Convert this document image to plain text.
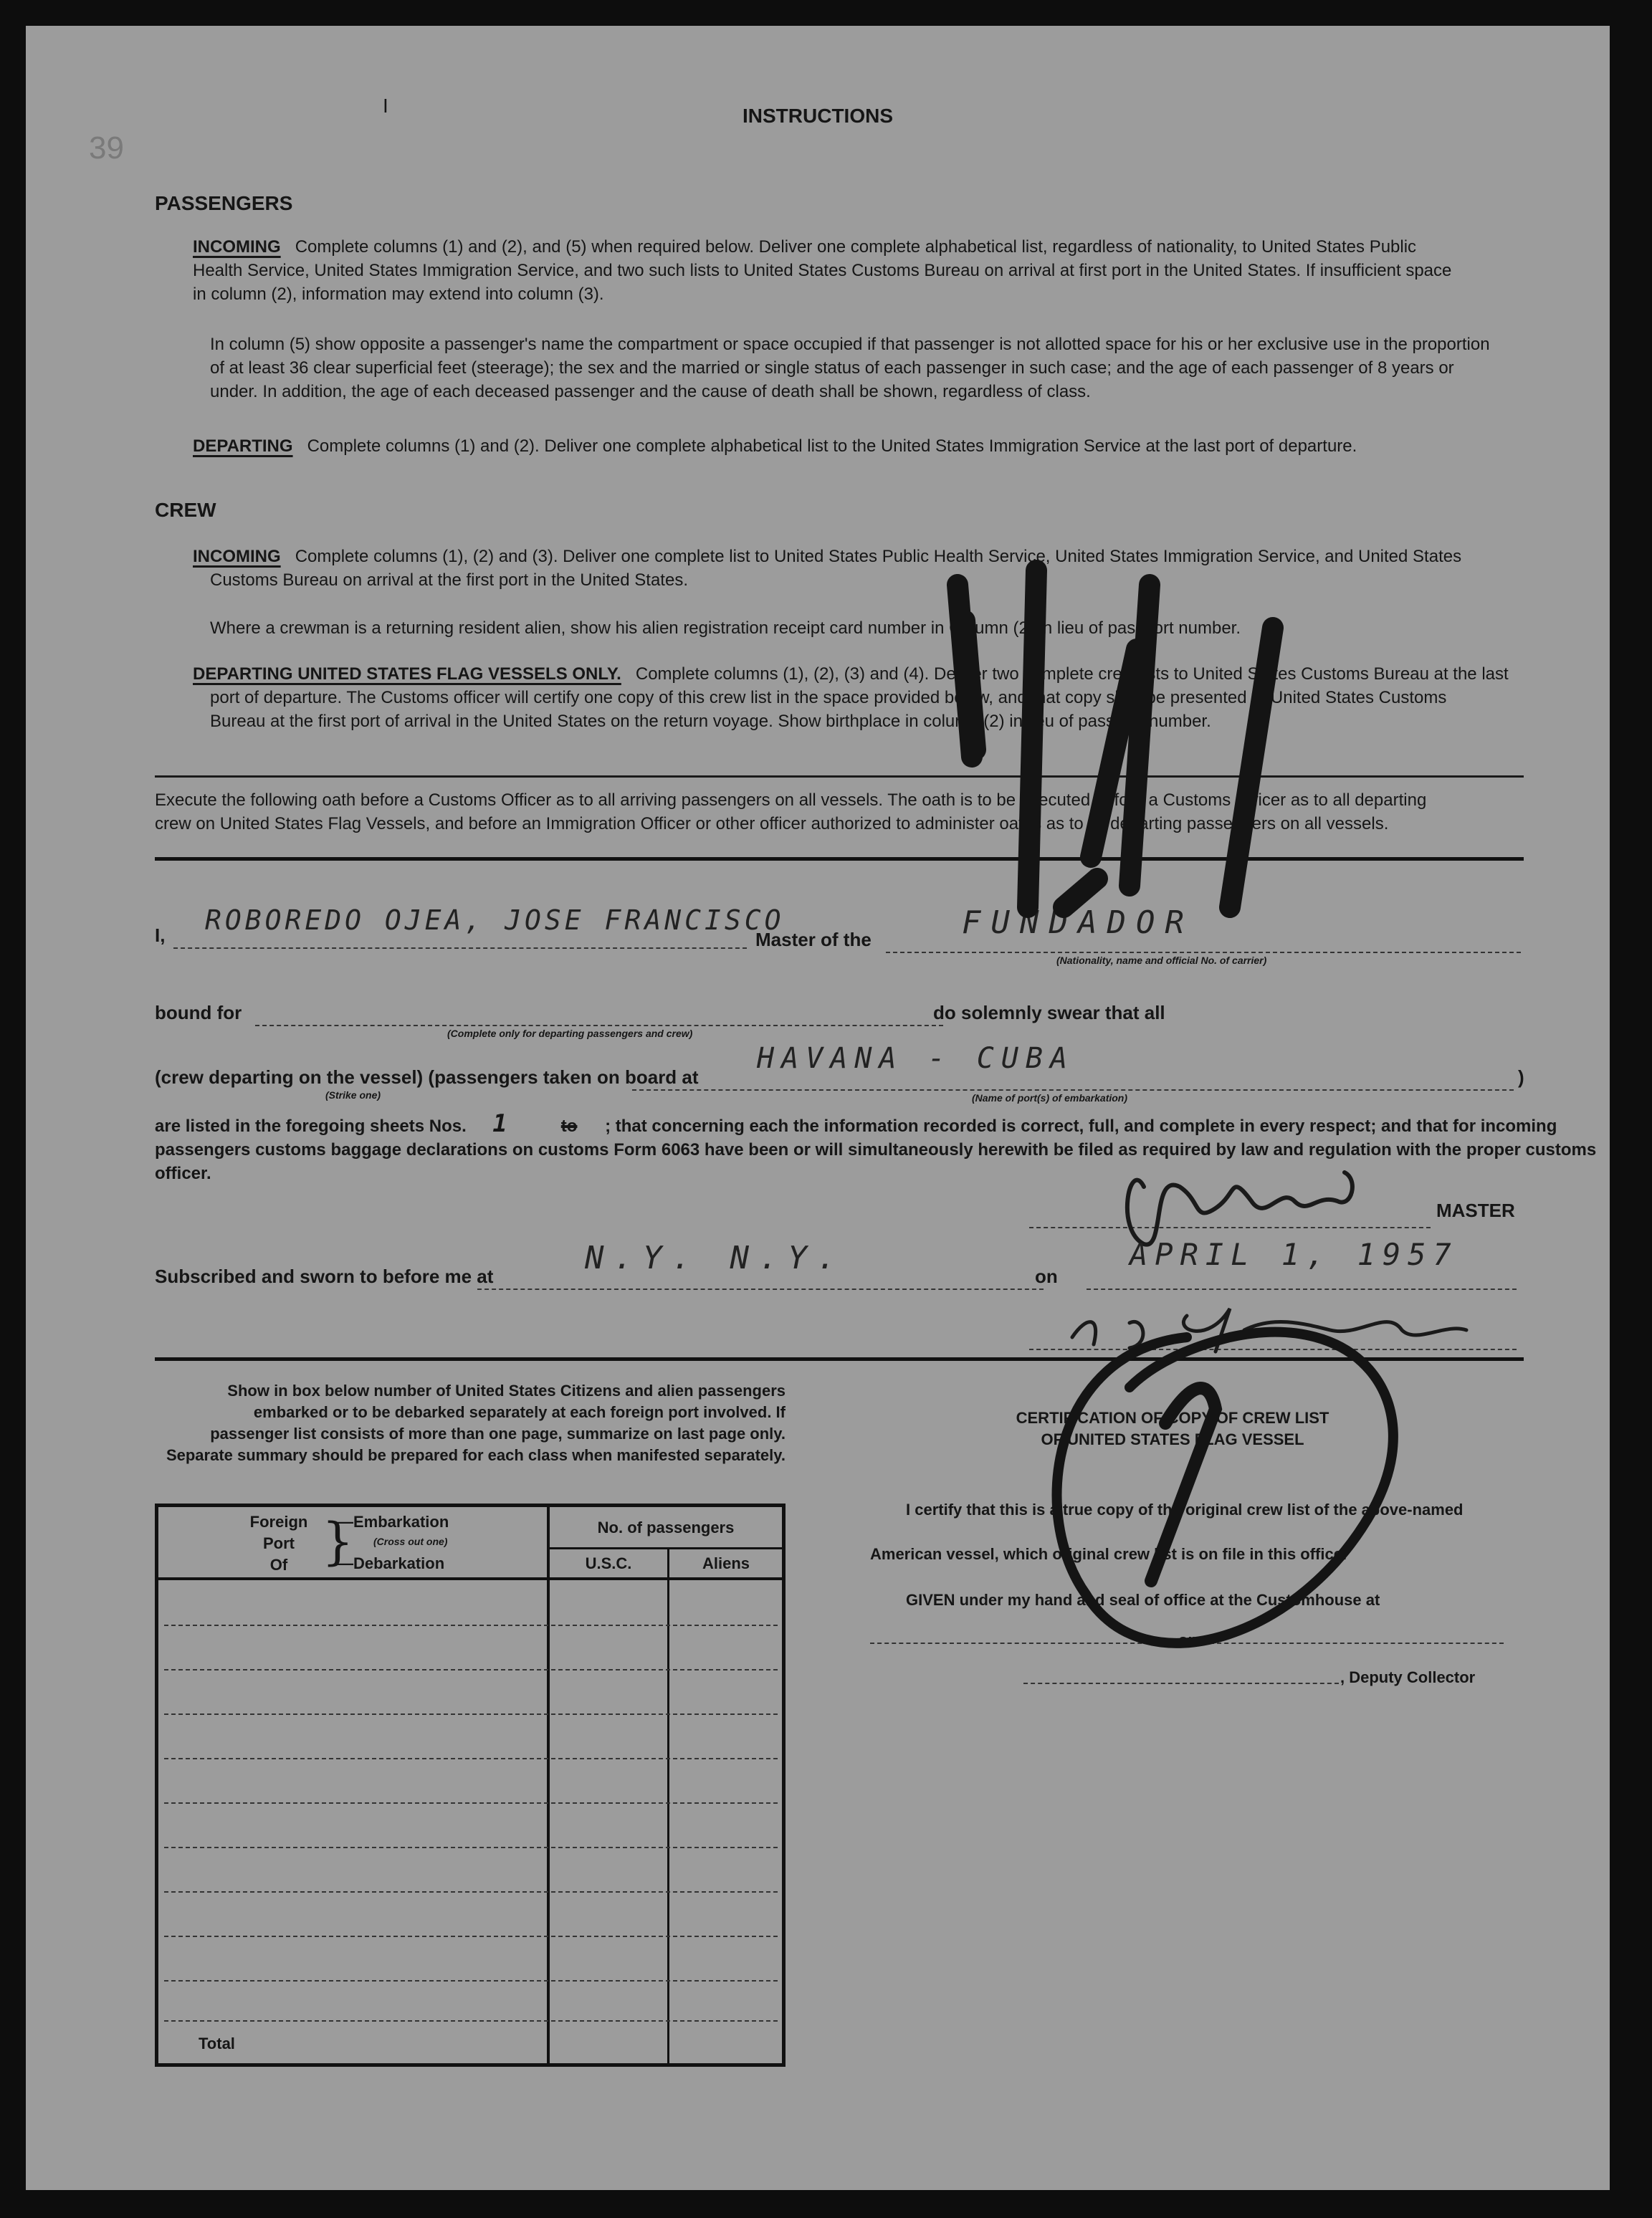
I
39
INSTRUCTIONS
PASSENGERS
INCOMING Complete columns (1) and (2), and (5) when required below. Deliver one complete alphabetical list, regardless of nationality, to United States Public
Health Service, United States Immigration Service, and two such lists to United States Customs Bureau on arrival at first port in the United States. If insufficient space
in column (2), information may extend into column (3).
In column (5) show opposite a passenger's name the compartment or space occupied if that passenger is not allotted space for his or her exclusive use in the proportion
of at least 36 clear superficial feet (steerage); the sex and the married or single status of each passenger in such case; and the age of each passenger of 8 years or
under. In addition, the age of each deceased passenger and the cause of death shall be shown, regardless of class.
DEPARTING Complete columns (1) and (2). Deliver one complete alphabetical list to the United States Immigration Service at the last port of departure.
CREW
INCOMING Complete columns (1), (2) and (3). Deliver one complete list to United States Public Health Service, United States Immigration Service, and United States
Customs Bureau on arrival at the first port in the United States.
Where a crewman is a returning resident alien, show his alien registration receipt card number in Column (2) in lieu of passport number.
DEPARTING UNITED STATES FLAG VESSELS ONLY. Complete columns (1), (2), (3) and (4). Deliver two complete crew lists to United States Customs Bureau at the last
port of departure. The Customs officer will certify one copy of this crew list in the space provided below, and that copy shall be presented to United States Customs
Bureau at the first port of arrival in the United States on the return voyage. Show birthplace in column (2) in lieu of passport number.
Execute the following oath before a Customs Officer as to all arriving passengers on all vessels. The oath is to be executed before a Customs Officer as to all departing
crew on United States Flag Vessels, and before an Immigration Officer or other officer authorized to administer oaths as to all departing passengers on all vessels.
I, ROBOREDO OJEA, JOSE FRANCISCO
Master of the	FUNDADOR
(Nationality, name and official No. of carrier)
bound for
(Complete only for departing passengers and crew)
do solemnly swear that all
(crew departing on the vessel) (passengers taken on board at
(Strike one)
HAVANA - CUBA
(Name of port(s) of embarkation)
)
are listed in the foregoing sheets Nos. 1	to ; that concerning each the information recorded is correct, full, and complete in every respect; and that for incoming
passengers customs baggage declarations on customs Form 6063 have been or will simultaneously herewith be filed as required by law and regulation with the proper customs
officer.
MASTER
Subscribed and sworn to before me at	N.Y. N.Y.	on
APRIL 1, 1957
Show in box below number of United States Citizens and alien passengers
embarked or to be debarked separately at each foreign port involved. If
passenger list consists of more than one page, summarize on last page only.
Separate summary should be prepared for each class when manifested separately.
Foreign
Port
Of }
—Embarkation
(Cross out one)
—Debarkation
No. of passengers
U.S.C.	Aliens
Total
CERTIFICATION OF COPY OF CREW LIST
OF UNITED STATES FLAG VESSEL
I certify that this is a true copy of the original crew list of the above-named
American vessel, which original crew list is on file in this office.
GIVEN under my hand and seal of office at the Customhouse at
on
, Deputy Collector
